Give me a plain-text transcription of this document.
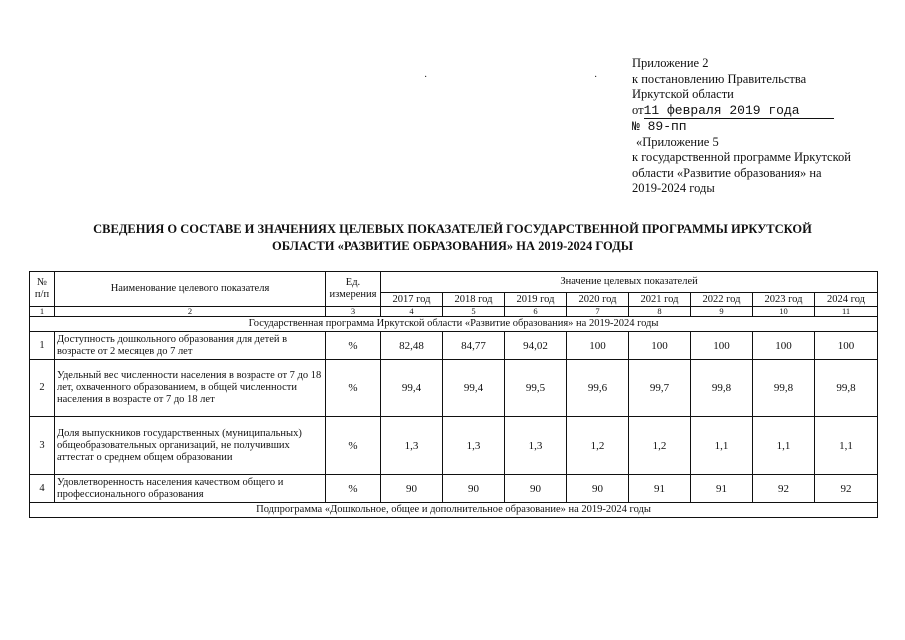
Приложение 2
к постановлению Правительства
Иркутской области
от11 февраля 2019 года
№ 89-пп
«Приложение 5
к государственной программе Иркутской
области «Развитие образования» на
2019-2024 годы
·	·
СВЕДЕНИЯ О СОСТАВЕ И ЗНАЧЕНИЯХ ЦЕЛЕВЫХ ПОКАЗАТЕЛЕЙ ГОСУДАРСТВЕННОЙ ПРОГРАММЫ ИРКУТСКОЙ
ОБЛАСТИ «РАЗВИТИЕ ОБРАЗОВАНИЯ» НА 2019-2024 ГОДЫ
№
п/п	Наименование целевого показателя	Ед.
измерения	Значение целевых показателей							
			2017 год	2018 год	2019 год	2020 год	2021 год	2022 год	2023 год	2024 год
1	2	3	4	5	6	7	8	9	10	11
Государственная программа Иркутской области «Развитие образования» на 2019-2024 годы										
1	Доступность дошкольного образования для детей в возрасте от 2 месяцев до 7 лет	%	82,48	84,77	94,02	100	100	100	100	100
2	Удельный вес численности населения в возрасте от 7 до 18 лет, охваченного образованием, в общей численности населения в возрасте от 7 до 18 лет	%	99,4	99,4	99,5	99,6	99,7	99,8	99,8	99,8
3	Доля выпускников государственных (муниципальных) общеобразовательных организаций, не получивших аттестат о среднем общем образовании	%	1,3	1,3	1,3	1,2	1,2	1,1	1,1	1,1
4	Удовлетворенность населения качеством общего и профессионального образования	%	90	90	90	90	91	91	92	92
Подпрограмма «Дошкольное, общее и дополнительное образование» на 2019-2024 годы										
